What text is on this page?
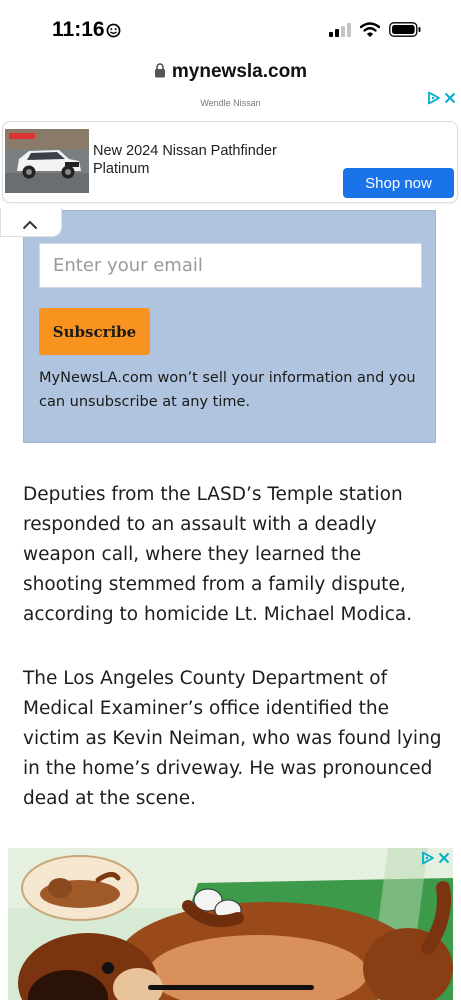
11:16
mynewsla.com
Wendle Nissan
New 2024 Nissan Pathfinder Platinum
Shop now
Enter your email
Subscribe
MyNewsLA.com won’t sell your information and you can unsubscribe at any time.

Deputies from the LASD’s Temple station responded to an assault with a deadly weapon call, where they learned the shooting stemmed from a family dispute, according to homicide Lt. Michael Modica.

The Los Angeles County Department of Medical Examiner’s office identified the victim as Kevin Neiman, who was found lying in the home’s driveway. He was pronounced dead at the scene.
